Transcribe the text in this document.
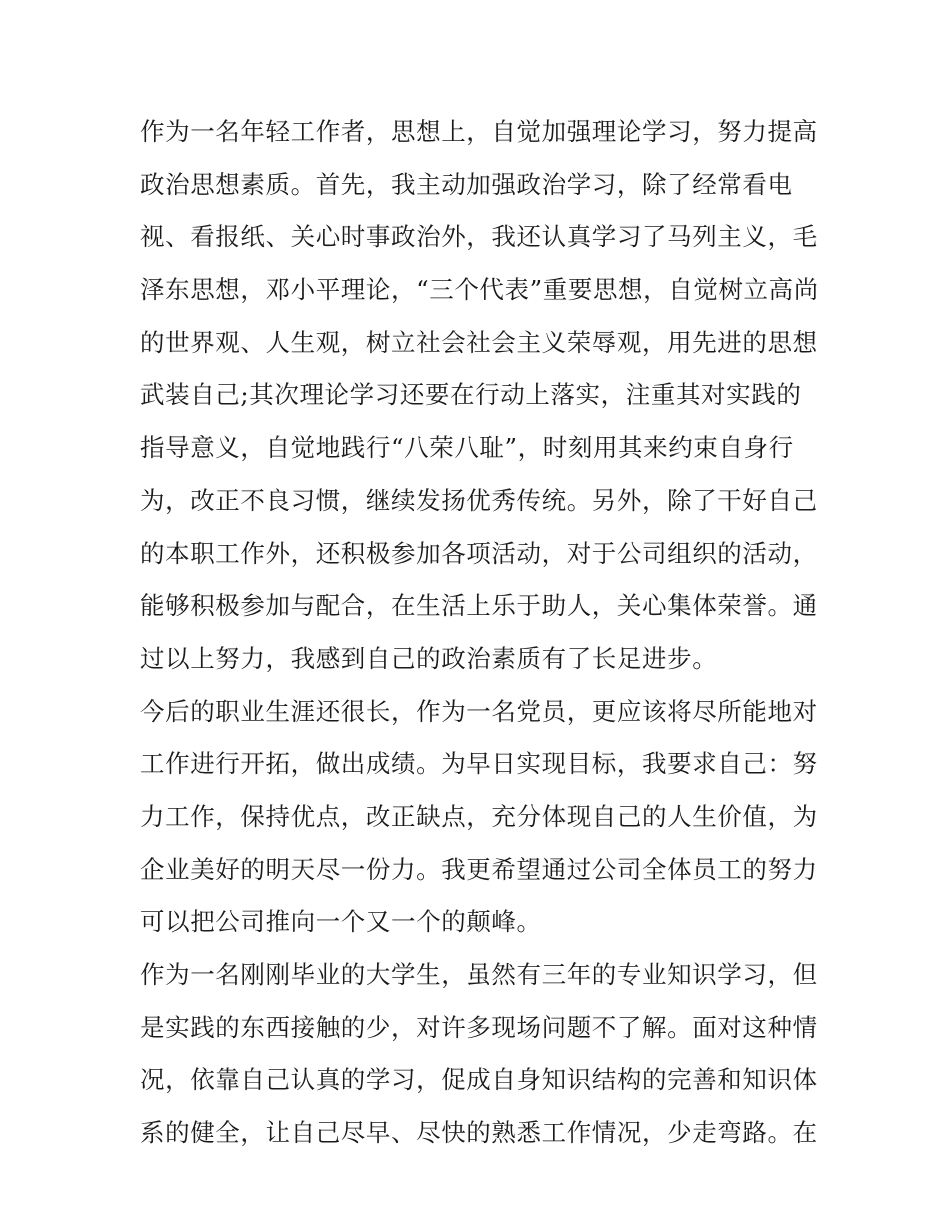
作为一名年轻工作者，思想上，自觉加强理论学习，努力提高
政治思想素质。首先，我主动加强政治学习，除了经常看电
视、看报纸、关心时事政治外，我还认真学习了马列主义，毛
泽东思想，邓小平理论，“三个代表”重要思想，自觉树立高尚
的世界观、人生观，树立社会社会主义荣辱观，用先进的思想
武装自己;其次理论学习还要在行动上落实，注重其对实践的
指导意义，自觉地践行“八荣八耻”，时刻用其来约束自身行
为，改正不良习惯，继续发扬优秀传统。另外，除了干好自己
的本职工作外，还积极参加各项活动，对于公司组织的活动，
能够积极参加与配合，在生活上乐于助人，关心集体荣誉。通
过以上努力，我感到自己的政治素质有了长足进步。
今后的职业生涯还很长，作为一名党员，更应该将尽所能地对
工作进行开拓，做出成绩。为早日实现目标，我要求自己：努
力工作，保持优点，改正缺点，充分体现自己的人生价值，为
企业美好的明天尽一份力。我更希望通过公司全体员工的努力
可以把公司推向一个又一个的颠峰。
作为一名刚刚毕业的大学生，虽然有三年的专业知识学习，但
是实践的东西接触的少，对许多现场问题不了解。面对这种情
况，依靠自己认真的学习，促成自身知识结构的完善和知识体
系的健全，让自己尽早、尽快的熟悉工作情况，少走弯路。在
